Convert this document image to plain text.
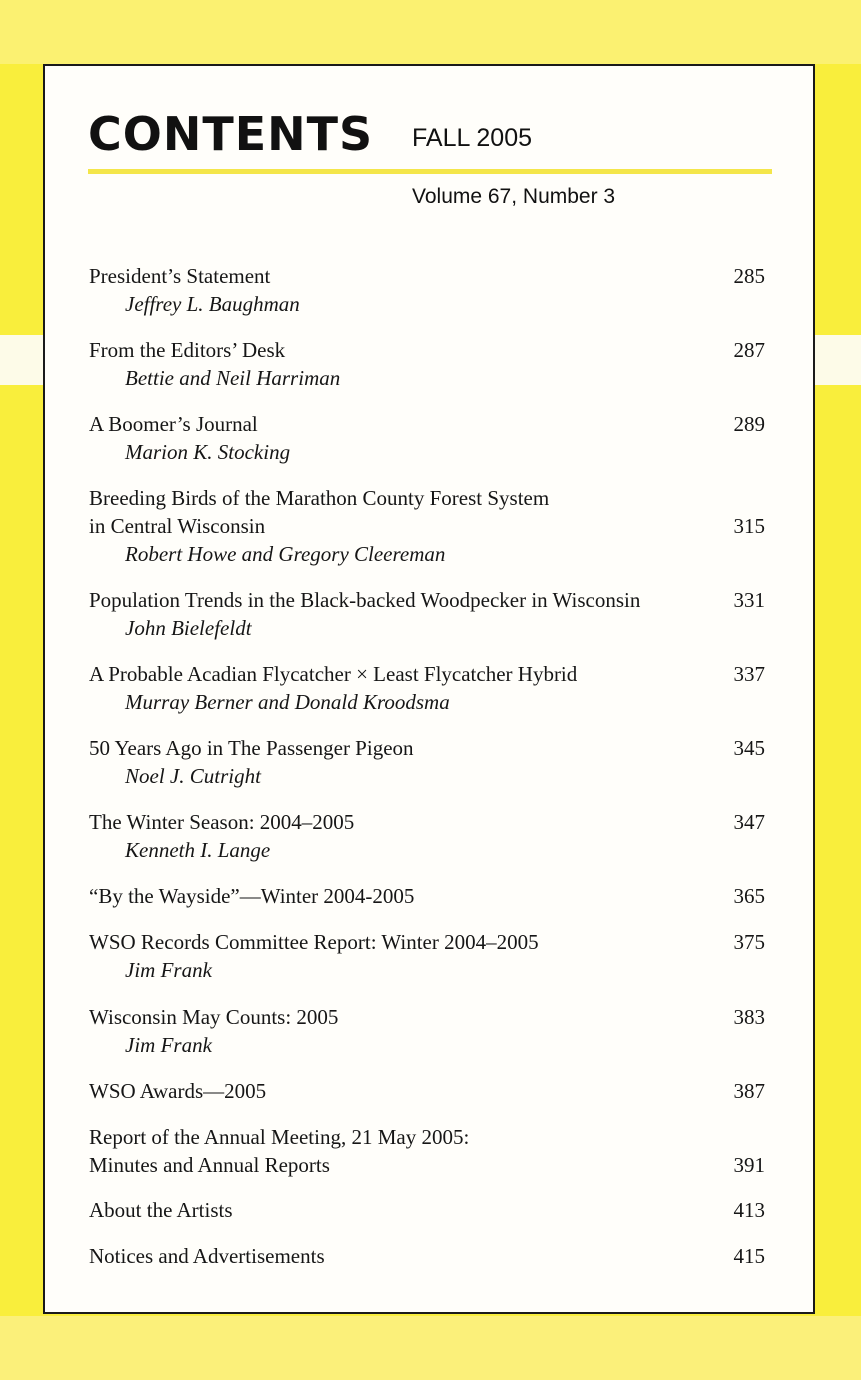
CONTENTS FALL 2005
Volume 67, Number 3
President’s Statement	285
Jeffrey L. Baughman
From the Editors’ Desk	287
Bettie and Neil Harriman
A Boomer’s Journal	289
Marion K. Stocking
Breeding Birds of the Marathon County Forest System
in Central Wisconsin	315
Robert Howe and Gregory Cleereman
Population Trends in the Black-backed Woodpecker in Wisconsin	331
John Bielefeldt
A Probable Acadian Flycatcher × Least Flycatcher Hybrid	337
Murray Berner and Donald Kroodsma
50 Years Ago in The Passenger Pigeon	345
Noel J. Cutright
The Winter Season: 2004–2005	347
Kenneth I. Lange
“By the Wayside”—Winter 2004-2005	365
WSO Records Committee Report: Winter 2004–2005	375
Jim Frank
Wisconsin May Counts: 2005	383
Jim Frank
WSO Awards—2005	387
Report of the Annual Meeting, 21 May 2005:
Minutes and Annual Reports	391
About the Artists	413
Notices and Advertisements	415
